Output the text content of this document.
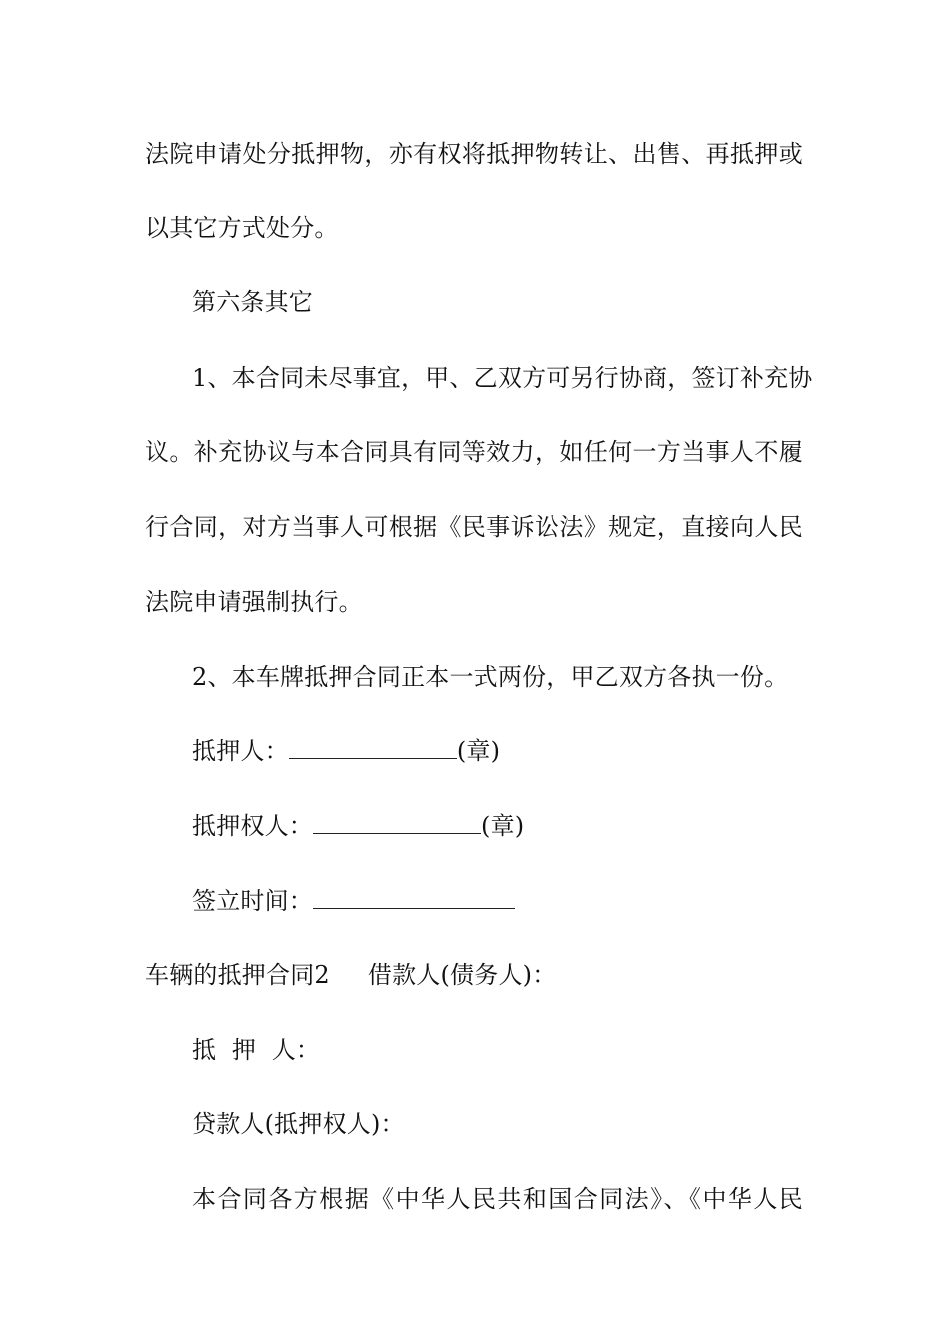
法院申请处分抵押物，亦有权将抵押物转让、出售、再抵押或
以其它方式处分。
第六条其它
1、本合同未尽事宜，甲、乙双方可另行协商，签订补充协
议。补充协议与本合同具有同等效力，如任何一方当事人不履
行合同，对方当事人可根据《民事诉讼法》规定，直接向人民
法院申请强制执行。
2、本车牌抵押合同正本一式两份，甲乙双方各执一份。
抵押人：	(章)
抵押权人：	(章)
签立时间：
车辆的抵押合同2 借款人(债务人)：
抵  押  人：
贷款人(抵押权人)：
本合同各方根据《中华人民共和国合同法》、《中华人民
